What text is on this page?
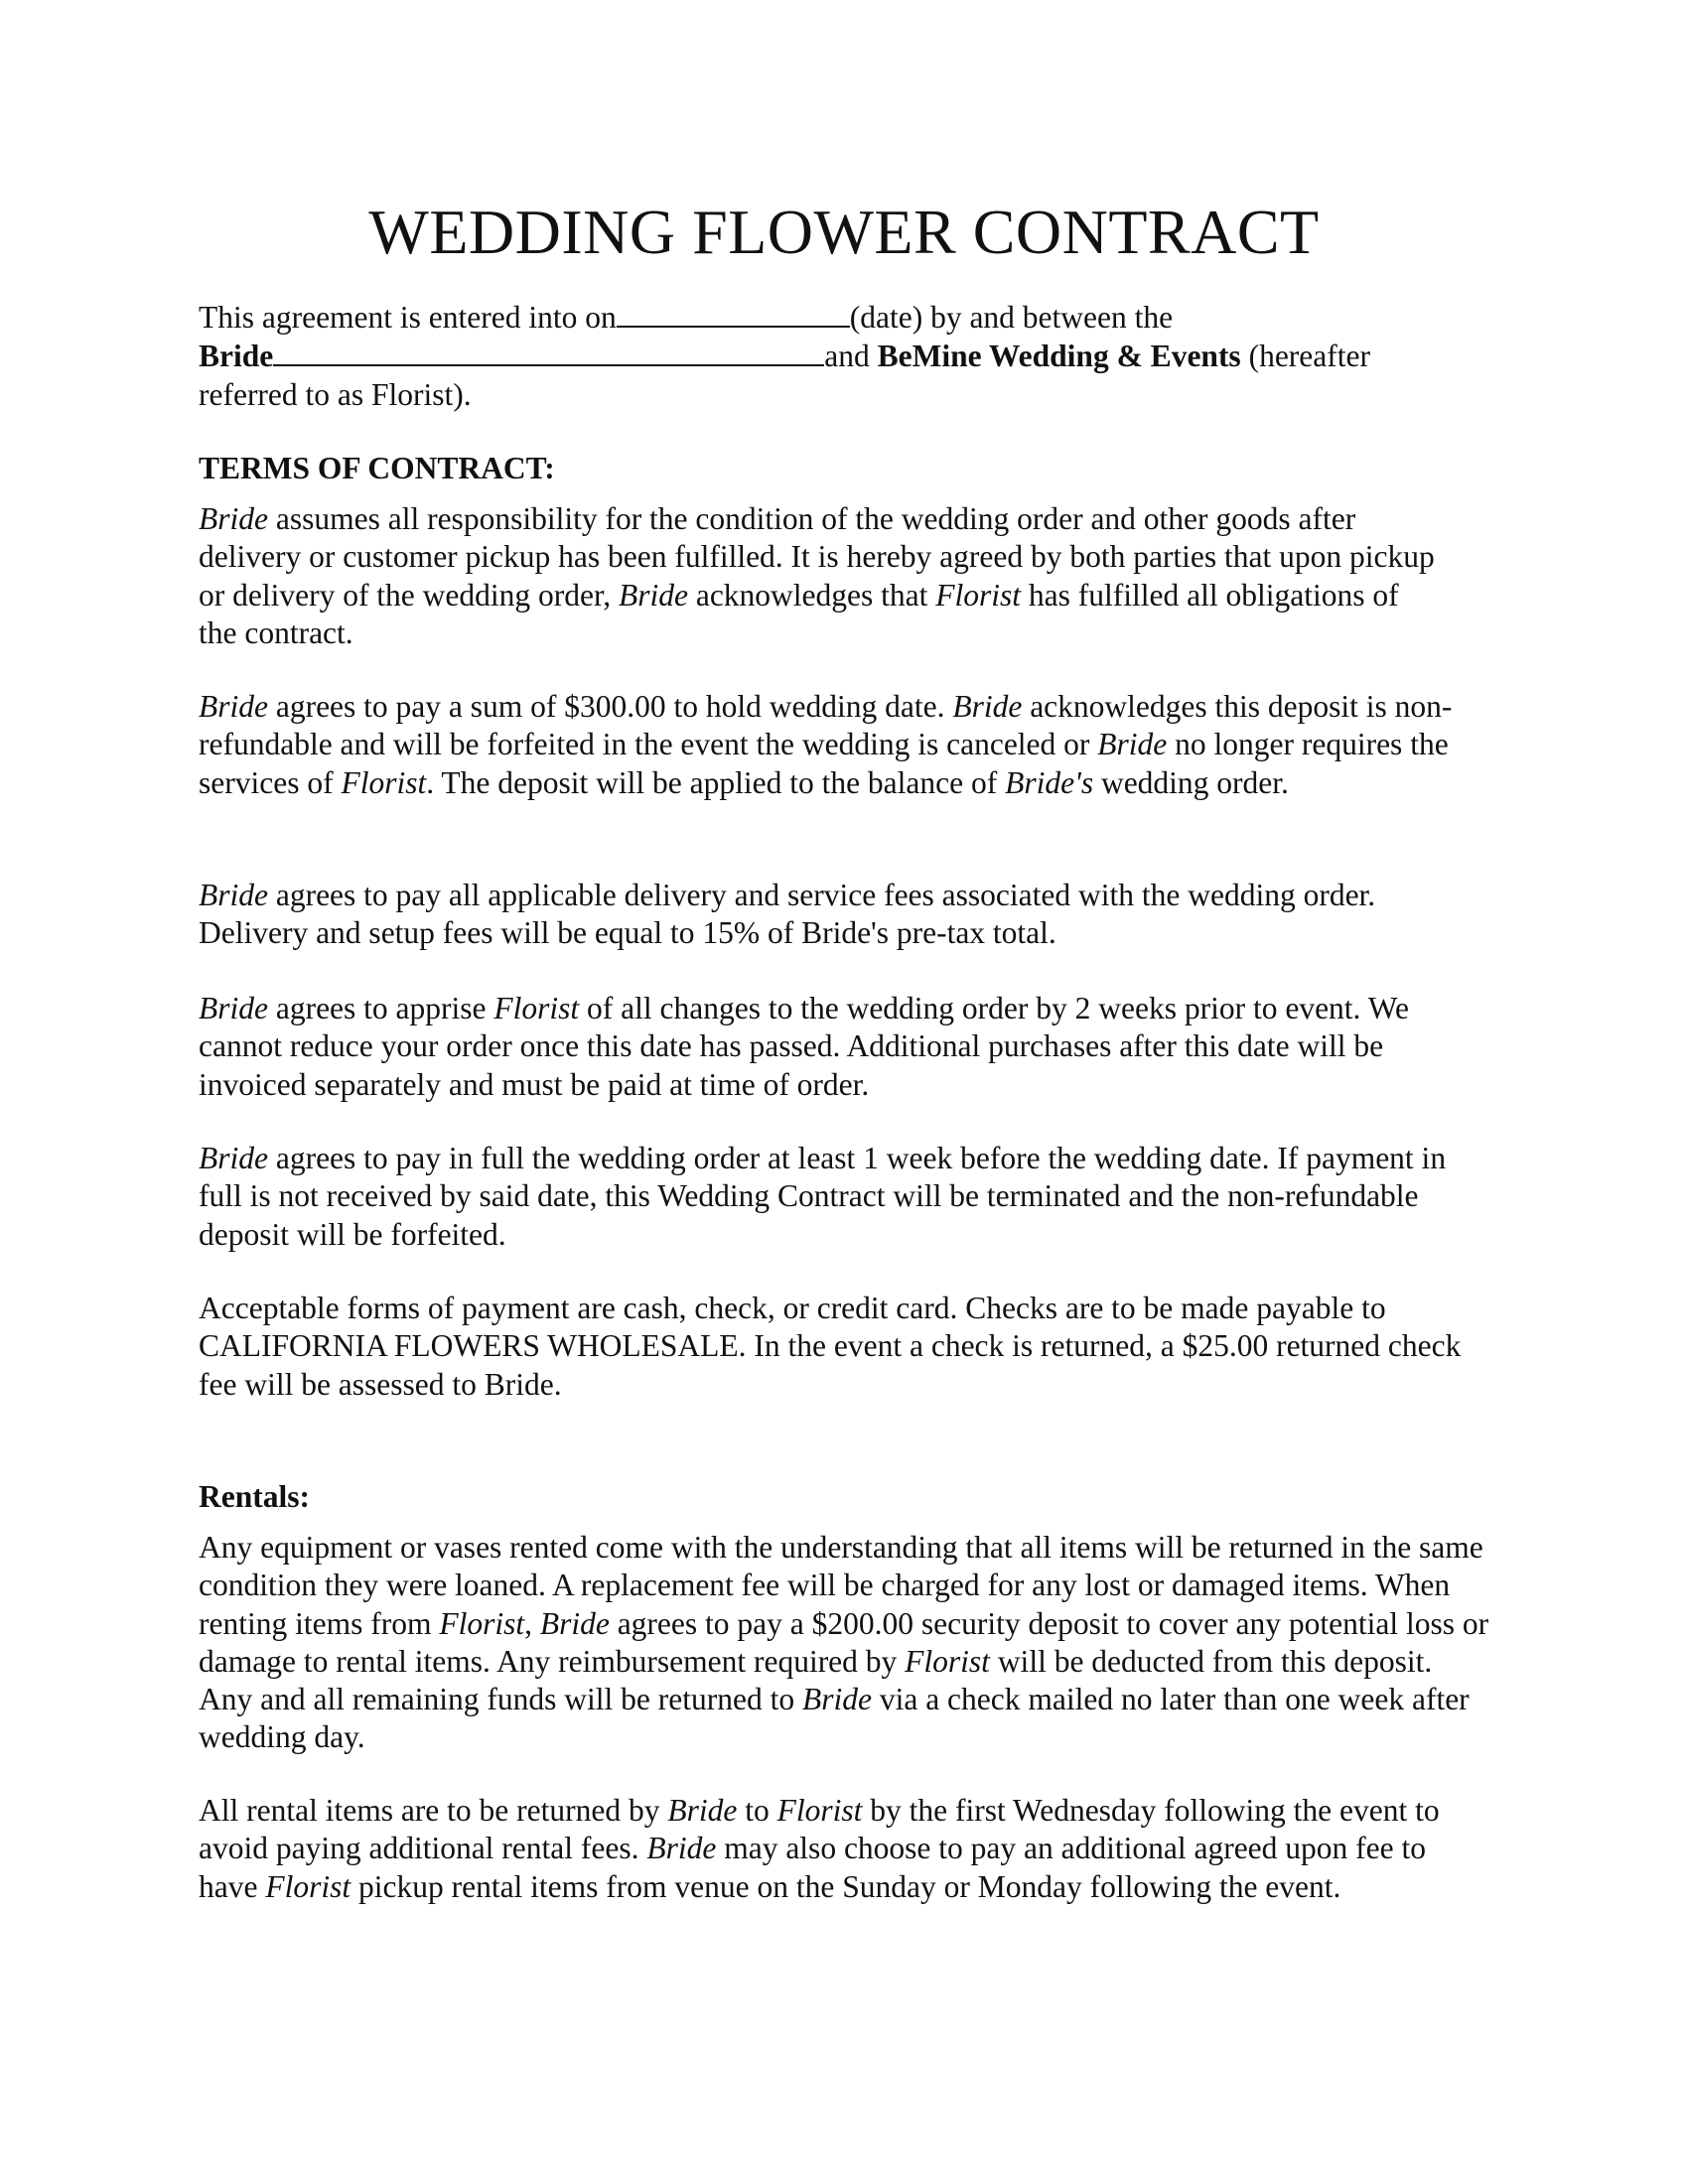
WEDDING FLOWER CONTRACT
This agreement is entered into on	(date) by and between the
Bride	and BeMine Wedding & Events (hereafter
referred to as Florist).
TERMS OF CONTRACT:

Bride assumes all responsibility for the condition of the wedding order and other goods after delivery or customer pickup has been fulfilled. It is hereby agreed by both parties that upon pickup or delivery of the wedding order, Bride acknowledges that Florist has fulfilled all obligations of the contract.

Bride agrees to pay a sum of $300.00 to hold wedding date. Bride acknowledges this deposit is non-refundable and will be forfeited in the event the wedding is canceled or Bride no longer requires the services of Florist. The deposit will be applied to the balance of Bride's wedding order.

Bride agrees to pay all applicable delivery and service fees associated with the wedding order. Delivery and setup fees will be equal to 15% of Bride's pre-tax total.

Bride agrees to apprise Florist of all changes to the wedding order by 2 weeks prior to event. We cannot reduce your order once this date has passed. Additional purchases after this date will be invoiced separately and must be paid at time of order.

Bride agrees to pay in full the wedding order at least 1 week before the wedding date. If payment in full is not received by said date, this Wedding Contract will be terminated and the non-refundable deposit will be forfeited.

Acceptable forms of payment are cash, check, or credit card. Checks are to be made payable to CALIFORNIA FLOWERS WHOLESALE. In the event a check is returned, a $25.00 returned check fee will be assessed to Bride.

Rentals:

Any equipment or vases rented come with the understanding that all items will be returned in the same condition they were loaned. A replacement fee will be charged for any lost or damaged items. When renting items from Florist, Bride agrees to pay a $200.00 security deposit to cover any potential loss or damage to rental items. Any reimbursement required by Florist will be deducted from this deposit. Any and all remaining funds will be returned to Bride via a check mailed no later than one week after wedding day.

All rental items are to be returned by Bride to Florist by the first Wednesday following the event to avoid paying additional rental fees. Bride may also choose to pay an additional agreed upon fee to have Florist pickup rental items from venue on the Sunday or Monday following the event.
